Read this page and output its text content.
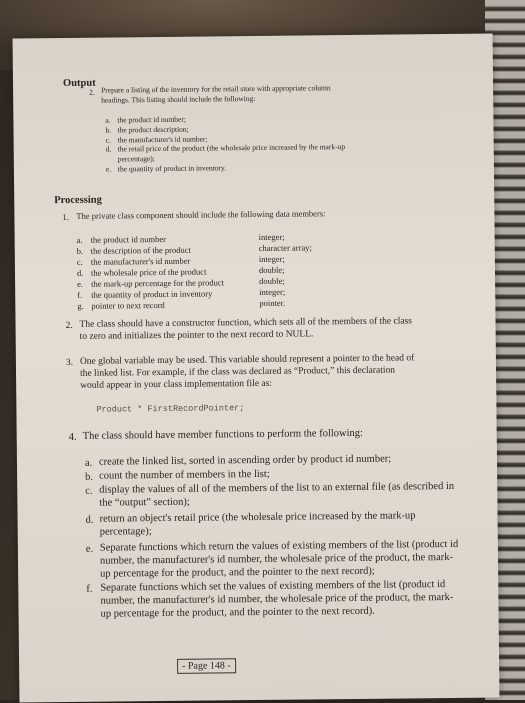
Output
2. Prepare a listing of the inventory for the retail store with appropriate column
headings. This listing should include the following:
a. the product id number;
b. the product description;
c. the manufacturer's id number;
d. the retail price of the product (the wholesale price increased by the mark-up
percentage);
e. the quantity of product in inventory.
Processing
1. The private class component should include the following data members:
a. the product id number	integer;
b. the description of the product	character array;
c. the manufacturer's id number	integer;
d. the wholesale price of the product	double;
e. the mark-up percentage for the product	double;
f. the quantity of product in inventory	integer;
g. pointer to next record	pointer.
2. The class should have a constructor function, which sets all of the members of the class
to zero and initializes the pointer to the next record to NULL.
3. One global variable may be used. This variable should represent a pointer to the head of
the linked list. For example, if the class was declared as “Product,” this declaration
would appear in your class implementation file as:
Product * FirstRecordPointer;
4. The class should have member functions to perform the following:
a. create the linked list, sorted in ascending order by product id number;
b. count the number of members in the list;
c. display the values of all of the members of the list to an external file (as described in
the “output” section);
d. return an object's retail price (the wholesale price increased by the mark-up
percentage);
e. Separate functions which return the values of existing members of the list (product id
number, the manufacturer's id number, the wholesale price of the product, the mark-
up percentage for the product, and the pointer to the next record);
f. Separate functions which set the values of existing members of the list (product id
number, the manufacturer's id number, the wholesale price of the product, the mark-
up percentage for the product, and the pointer to the next record).
- Page 148 -
